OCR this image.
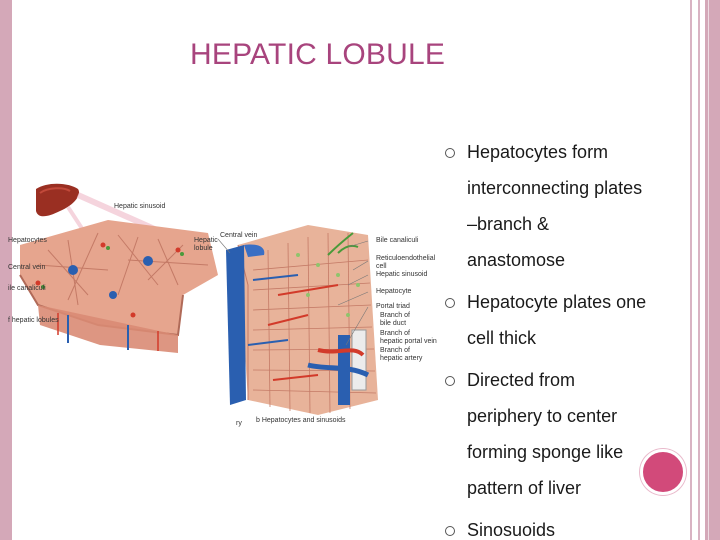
HEPATIC LOBULE
Hepatic sinusoid
Hepatocytes	Hepatic
lobule
Central vein
Central vein
ile canaliculi
f hepatic lobules
Bile canaliculi
Reticuloendothelial
cell
Hepatic sinusoid
Hepatocyte
Portal triad
Branch of
bile duct
Branch of
hepatic portal vein
Branch of
hepatic artery
b Hepatocytes and sinusoids
ry
Hepatocytes form
interconnecting plates
–branch &
anastomose
Hepatocyte plates one
cell thick
Directed from
periphery to center
forming sponge like
pattern of liver
Sinosuoids
